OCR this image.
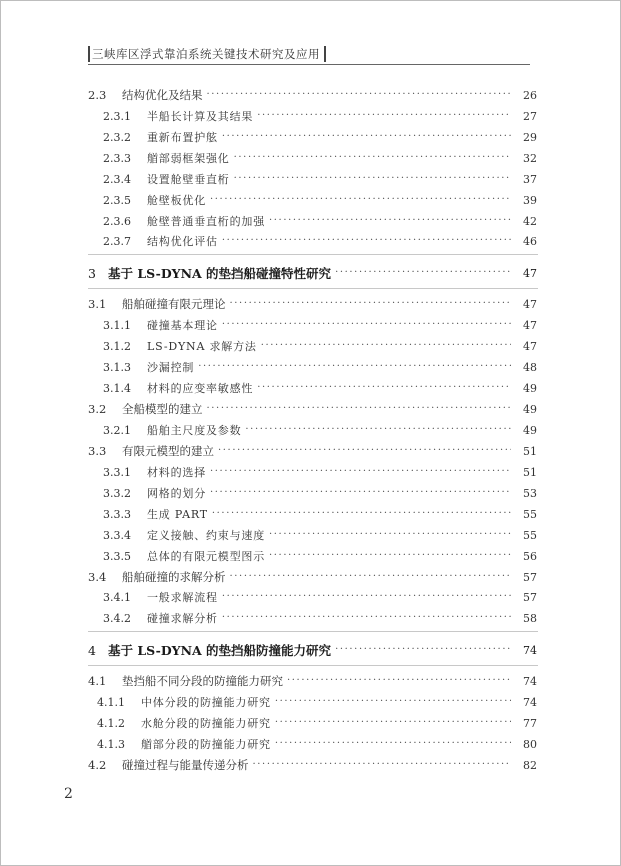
三峡库区浮式靠泊系统关键技术研究及应用
2.3	结构优化及结果 ·····	26
2.3.1	半船长计算及其结果 ·····	27
2.3.2	重新布置护舷 ·····	29
2.3.3	艏部弱框架强化 ·····	32
2.3.4	设置舱壁垂直桁 ·····	37
2.3.5	舱壁板优化 ·····	39
2.3.6	舱壁普通垂直桁的加强 ·····	42
2.3.7	结构优化评估 ·····	46
3 基于 LS-DYNA 的垫挡船碰撞特性研究 ·····	47
3.1	船舶碰撞有限元理论 ·····	47
3.1.1	碰撞基本理论 ·····	47
3.1.2	LS-DYNA 求解方法 ·····	47
3.1.3	沙漏控制 ·····	48
3.1.4	材料的应变率敏感性 ·····	49
3.2	全船模型的建立 ·····	49
3.2.1	船舶主尺度及参数 ·····	49
3.3	有限元模型的建立 ·····	51
3.3.1	材料的选择 ·····	51
3.3.2	网格的划分 ·····	53
3.3.3	生成 PART ·····	55
3.3.4	定义接触、约束与速度 ·····	55
3.3.5	总体的有限元模型图示 ·····	56
3.4	船舶碰撞的求解分析 ·····	57
3.4.1	一般求解流程 ·····	57
3.4.2	碰撞求解分析 ·····	58
4 基于 LS-DYNA 的垫挡船防撞能力研究 ·····	74
4.1	垫挡船不同分段的防撞能力研究 ·····	74
4.1.1	中体分段的防撞能力研究 ·····	74
4.1.2	水舱分段的防撞能力研究 ·····	77
4.1.3	艏部分段的防撞能力研究 ·····	80
4.2	碰撞过程与能量传递分析 ·····	82
2
